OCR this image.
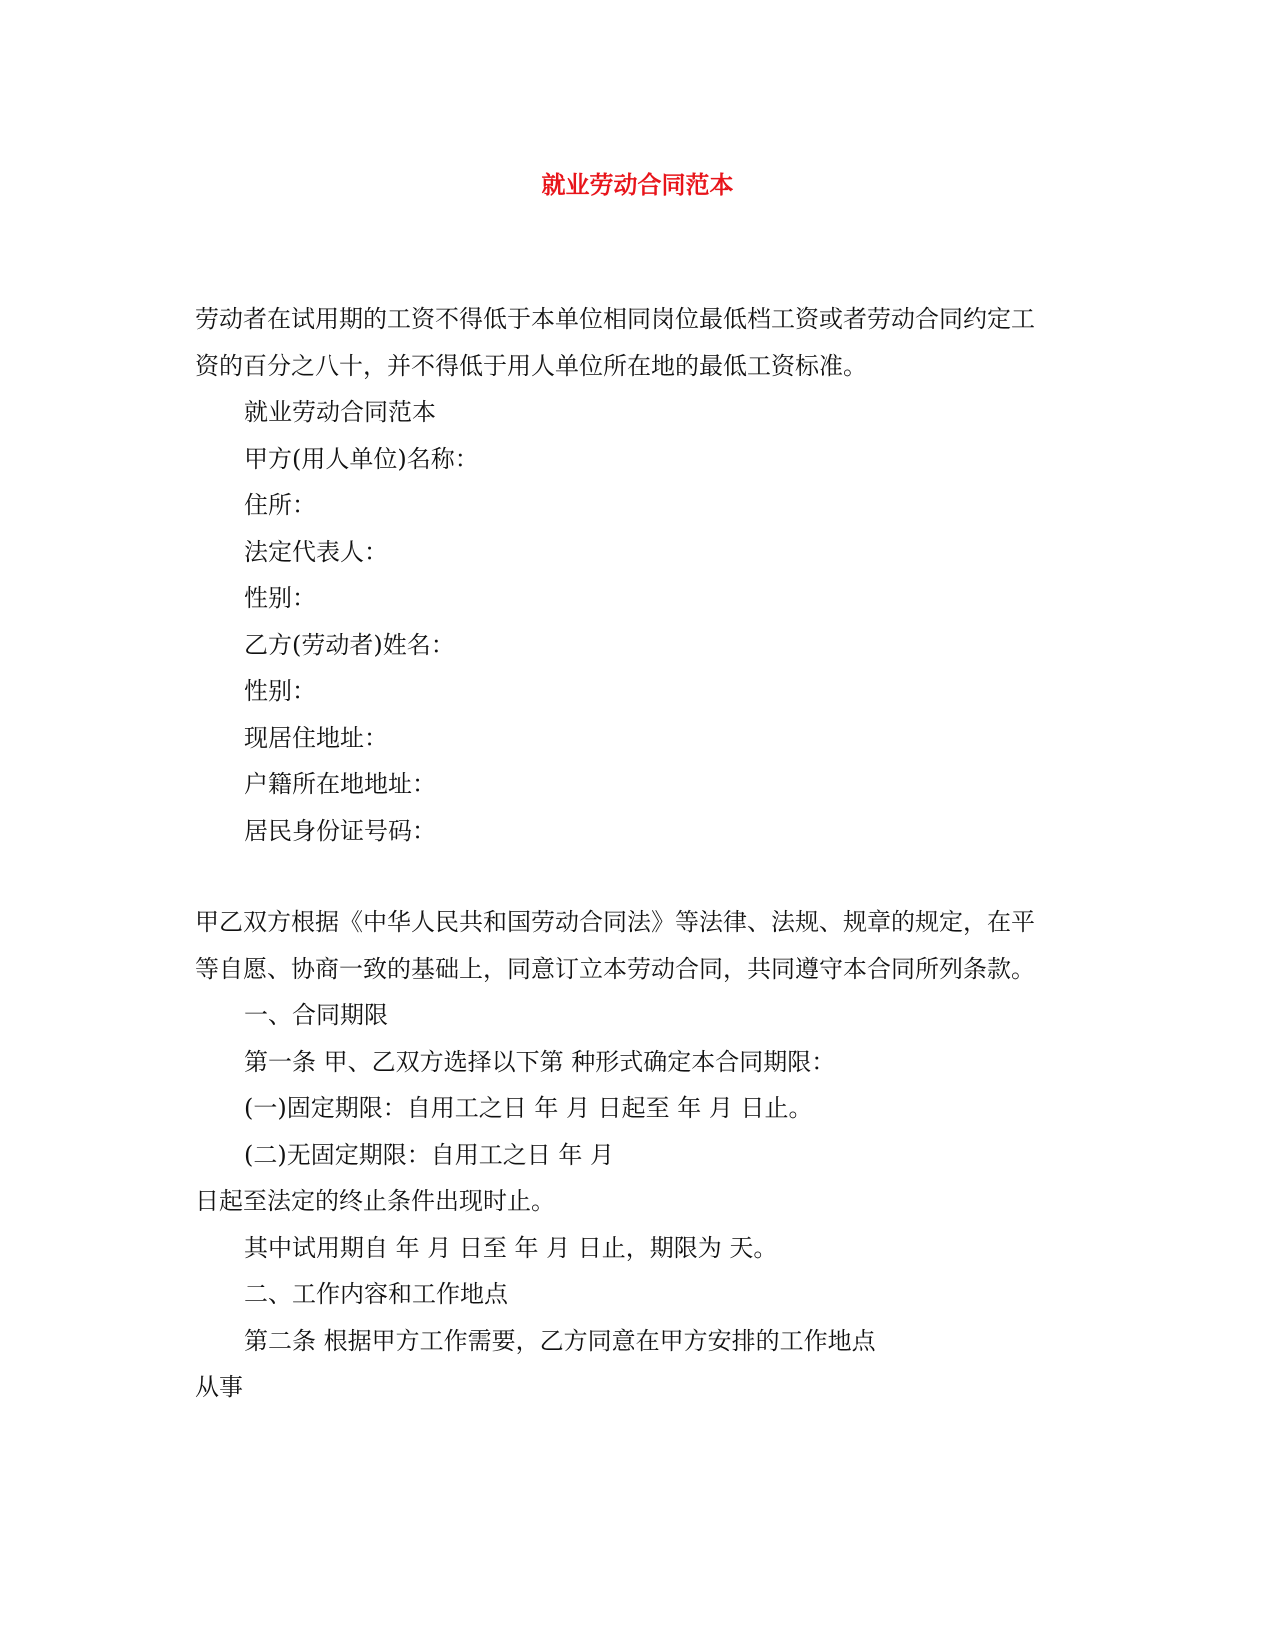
就业劳动合同范本
劳动者在试用期的工资不得低于本单位相同岗位最低档工资或者劳动合同约定工
资的百分之八十，并不得低于用人单位所在地的最低工资标准。
就业劳动合同范本
甲方(用人单位)名称：
住所：
法定代表人：
性别：
乙方(劳动者)姓名：
性别：
现居住地址：
户籍所在地地址：
居民身份证号码：
甲乙双方根据《中华人民共和国劳动合同法》等法律、法规、规章的规定，在平
等自愿、协商一致的基础上，同意订立本劳动合同，共同遵守本合同所列条款。
一、合同期限
第一条 甲、乙双方选择以下第 种形式确定本合同期限：
(一)固定期限：自用工之日 年 月 日起至 年 月 日止。
(二)无固定期限：自用工之日 年 月
日起至法定的终止条件出现时止。
其中试用期自 年 月 日至 年 月 日止，期限为 天。
二、工作内容和工作地点
第二条 根据甲方工作需要，乙方同意在甲方安排的工作地点
从事
